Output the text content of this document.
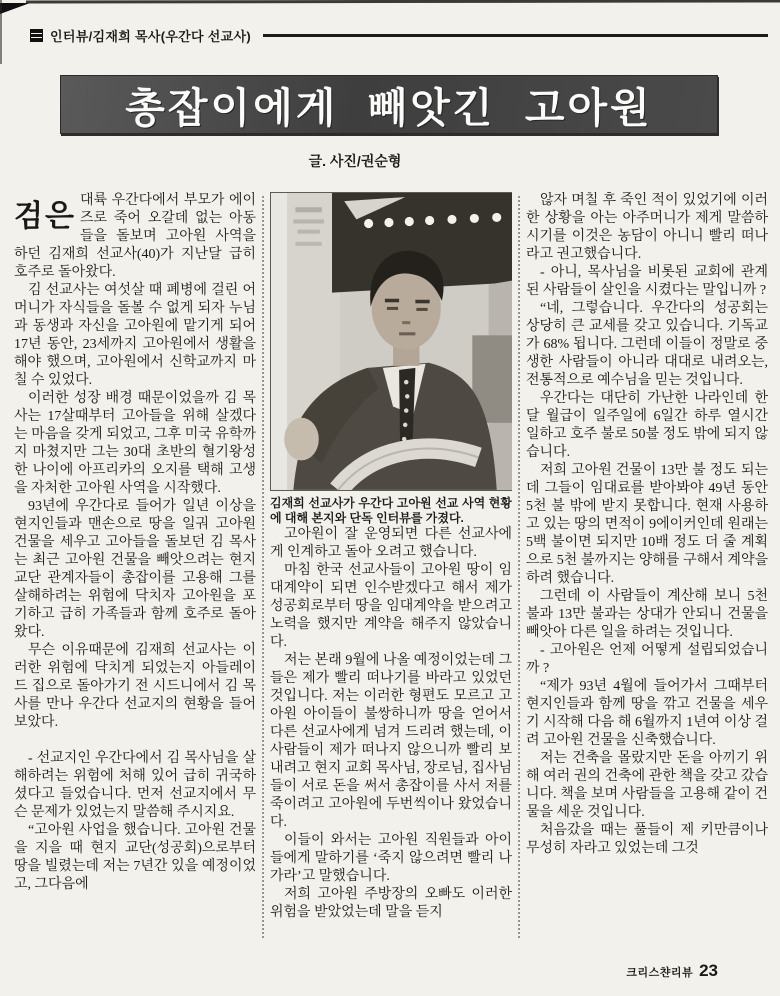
인터뷰/김재희 목사(우간다 선교사)
총잡이에게 빼앗긴 고아원
글. 사진/권순형

검은 대륙 우간다에서 부모가 에이즈로 죽어 오갈데 없는 아동들을 돌보며 고아원 사역을 하던 김재희 선교사(40)가 지난달 급히 호주로 돌아왔다.

김 선교사는 여섯살 때 폐병에 걸린 어머니가 자식들을 돌볼 수 없게 되자 누님과 동생과 자신을 고아원에 맡기게 되어 17년 동안, 23세까지 고아원에서 생활을 해야 했으며, 고아원에서 신학교까지 마칠 수 있었다.

이러한 성장 배경 때문이었을까 김 목사는 17살때부터 고아들을 위해 살겠다는 마음을 갖게 되었고, 그후 미국 유학까지 마쳤지만 그는 30대 초반의 혈기왕성한 나이에 아프리카의 오지를 택해 고생을 자처한 고아원 사역을 시작했다.

93년에 우간다로 들어가 일년 이상을 현지인들과 맨손으로 땅을 일궈 고아원 건물을 세우고 고아들을 돌보던 김 목사는 최근 고아원 건물을 빼앗으려는 현지 교단 관계자들이 총잡이를 고용해 그를 살해하려는 위험에 닥치자 고아원을 포기하고 급히 가족들과 함께 호주로 돌아왔다.

무슨 이유때문에 김재희 선교사는 이러한 위험에 닥치게 되었는지 아들레이드 집으로 돌아가기 전 시드니에서 김 목사를 만나 우간다 선교지의 현황을 들어 보았다.

- 선교지인 우간다에서 김 목사님을 살해하려는 위험에 처해 있어 급히 귀국하셨다고 들었습니다. 먼저 선교지에서 무슨 문제가 있었는지 말씀해 주시지요.

“고아원 사업을 했습니다. 고아원 건물을 지을 때 현지 교단(성공회)으로부터 땅을 빌렸는데 저는 7년간 있을 예정이었고, 그다음에

김재희 선교사가 우간다 고아원 선교 사역 현황에 대해 본지와 단독 인터뷰를 가졌다.

고아원이 잘 운영되면 다른 선교사에게 인계하고 돌아 오려고 했습니다.

마침 한국 선교사들이 고아원 땅이 임대계약이 되면 인수받겠다고 해서 제가 성공회로부터 땅을 임대계약을 받으려고 노력을 했지만 계약을 해주지 않았습니다.

저는 본래 9월에 나올 예정이었는데 그들은 제가 빨리 떠나기를 바라고 있었던 것입니다. 저는 이러한 형편도 모르고 고아원 아이들이 불쌍하니까 땅을 얻어서 다른 선교사에게 넘겨 드리려 했는데, 이 사람들이 제가 떠나지 않으니까 빨리 보내려고 현지 교회 목사님, 장로님, 집사님들이 서로 돈을 써서 총잡이를 사서 저를 죽이려고 고아원에 두번씩이나 왔었습니다.

이들이 와서는 고아원 직원들과 아이들에게 말하기를 ‘죽지 않으려면 빨리 나가라’고 말했습니다.

저희 고아원 주방장의 오빠도 이러한 위험을 받았었는데 말을 듣지

않자 며칠 후 죽인 적이 있었기에 이러한 상황을 아는 아주머니가 제게 말씀하시기를 이것은 농담이 아니니 빨리 떠나라고 권고했습니다.

- 아니, 목사님을 비롯된 교회에 관계된 사람들이 살인을 시켰다는 말입니까 ?

“네, 그렇습니다. 우간다의 성공회는 상당히 큰 교세를 갖고 있습니다. 기독교가 68% 됩니다. 그런데 이들이 정말로 중생한 사람들이 아니라 대대로 내려오는, 전통적으로 예수님을 믿는 것입니다.

우간다는 대단히 가난한 나라인데 한 달 월급이 일주일에 6일간 하루 열시간 일하고 호주 불로 50불 정도 밖에 되지 않습니다.

저희 고아원 건물이 13만 불 정도 되는데 그들이 임대료를 받아봐야 49년 동안 5천 불 밖에 받지 못합니다. 현재 사용하고 있는 땅의 면적이 9에이커인데 원래는 5백 불이면 되지만 10배 정도 더 줄 계획으로 5천 불까지는 양해를 구해서 계약을 하려 했습니다.

그런데 이 사람들이 계산해 보니 5천 불과 13만 불과는 상대가 안되니 건물을 빼앗아 다른 일을 하려는 것입니다.

- 고아원은 언제 어떻게 설립되었습니까 ?

“제가 93년 4월에 들어가서 그때부터 현지인들과 함께 땅을 깎고 건물을 세우기 시작해 다음 해 6월까지 1년여 이상 걸려 고아원 건물을 신축했습니다.

저는 건축을 몰랐지만 돈을 아끼기 위해 여러 권의 건축에 관한 책을 갖고 갔습니다. 책을 보며 사람들을 고용해 같이 건물을 세운 것입니다.

처음갔을 때는 풀들이 제 키만큼이나 무성히 자라고 있었는데 그것

크리스챤리뷰 23
